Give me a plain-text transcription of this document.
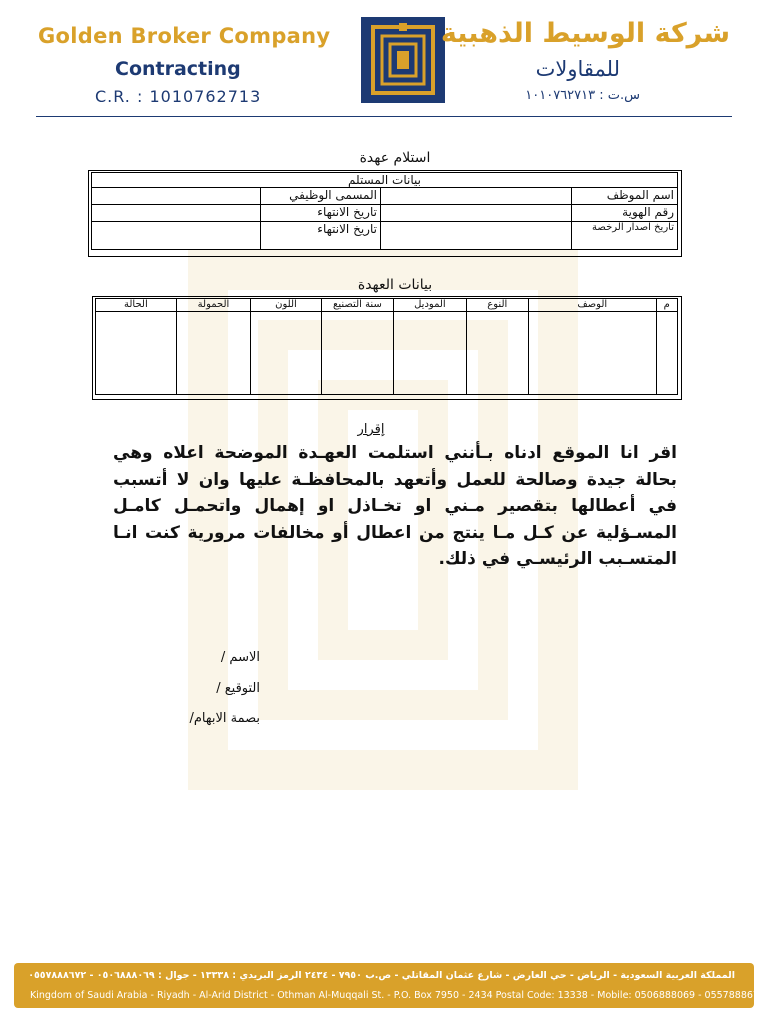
Golden Broker Company
Contracting
C.R. : 1010762713
شركة الوسيط الذهبية
للمقاولات
س.ت : ١٠١٠٧٦٢٧١٣
استلام عهدة
بيانات المستلم			
اسم الموظف		المسمى الوظيفي	
رقم الهوية		تاريخ الانتهاء	
تاريخ اصدار الرخصة		تاريخ الانتهاء	
بيانات العهدة
م	الوصف	النوع	الموديل	سنة التصنيع	اللون	الحمولة	الحالة

إقرار
اقر انا الموقع ادناه بـأنني استلمت العهـدة الموضحة اعلاه وهي بحالة جيدة وصالحة للعمل وأتعهد بالمحافظـة عليها وان لا أتسبب في أعطالها بتقصير مـني او تخـاذل او إهمال واتحمـل كامـل المسـؤلية عن كـل مـا ينتج من اعطال أو مخالفات مرورية كنت انـا المتسـبب الرئيسـي في ذلك.
الاسم /
التوقيع /
بصمة الابهام/
المملكة العربية السعودية - الرياض - حي العارض - شارع عثمان المقاتلي - ص.ب ٧٩٥٠ - ٢٤٣٤ الرمز البريدي : ١٣٣٣٨ - جوال : ٠٥٠٦٨٨٨٠٦٩ - ٠٥٥٧٨٨٨٦٧٢
Kingdom of Saudi Arabia - Riyadh - Al-Arid District - Othman Al-Muqqali St. - P.O. Box 7950 - 2434 Postal Code: 13338 - Mobile: 0506888069 - 0557888672
